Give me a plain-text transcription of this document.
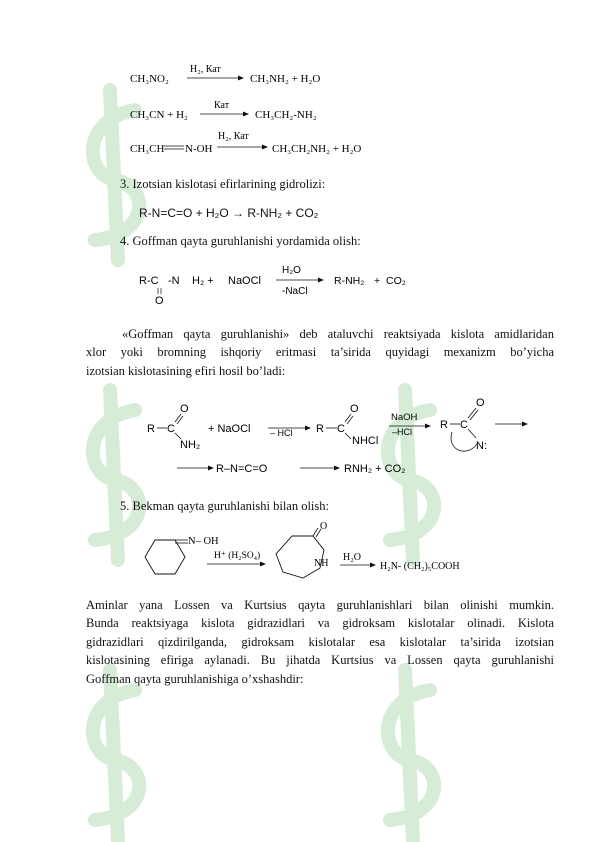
CH₃NO₂
H₂, Кат
CH₃NH₂ + H₂O
CH₃CN + H₂
Кат
CH₃CH₂-NH₂
CH₃CH N-OH
H₂, Кат
CH₃CH₂NH₂ + H₂O
3. Izotsian kislotasi efirlarining gidrolizi:
R-N=C=O + H₂O → R-NH₂ + CO₂
4. Goffman qayta guruhlanishi yordamida olish:
R-C -N H₂ + NaOCl
O
H₂O
-NaCl
R-NH₂ + CO₂
«Goffman qayta guruhlanishi» deb ataluvchi reaktsiyada kislota amidlaridan
xlor yoki bromning ishqoriy eritmasi ta’sirida quyidagi mexanizm bo’yicha
izotsian kislotasining efiri hosil bo’ladi:
R C
O
NH₂
+ NaOCl – HCl R C
O
NHCl
NaOH
–HCl
R C
O
N:
R–N=C=O	RNH₂ + CO₂
5. Bekman qayta guruhlanishi bilan olish:
N– OH
H⁺ (H₂SO₄)
O
NH
H₂O
H₂N- (CH₂)₅COOH
Aminlar yana Lossen va Kurtsius qayta guruhlanishlari bilan olinishi mumkin.
Bunda reaktsiyaga kislota gidrazidlari va gidroksam kislotalar olinadi. Kislota
gidrazidlari qizdirilganda, gidroksam kislotalar esa kislotalar ta’sirida izotsian
kislotasining efiriga aylanadi. Bu jihatda Kurtsius va Lossen qayta guruhlanishi
Goffman qayta guruhlanishiga o’xshashdir:
